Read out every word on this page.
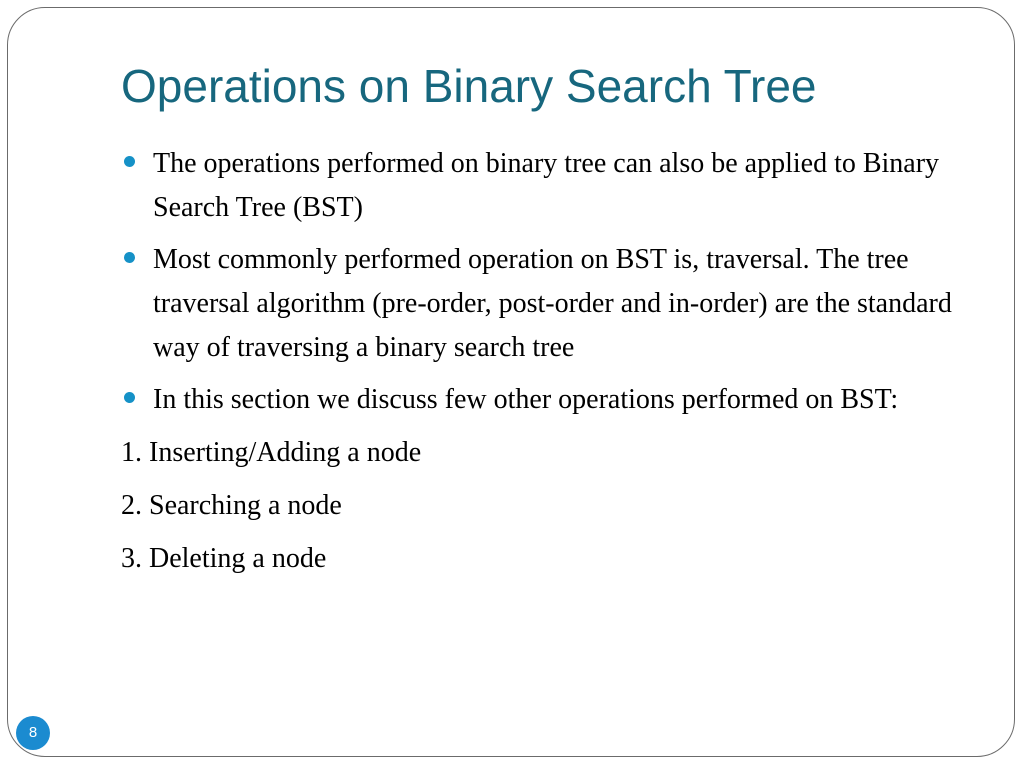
Operations on Binary Search Tree
The operations performed on binary tree can also be applied to Binary Search Tree (BST)
Most commonly performed operation on BST is, traversal. The tree traversal algorithm (pre-order, post-order and in-order) are the standard way of traversing a binary search tree
In this section we discuss few other operations performed on BST:
1. Inserting/Adding a node
2. Searching a node
3. Deleting a node
8
